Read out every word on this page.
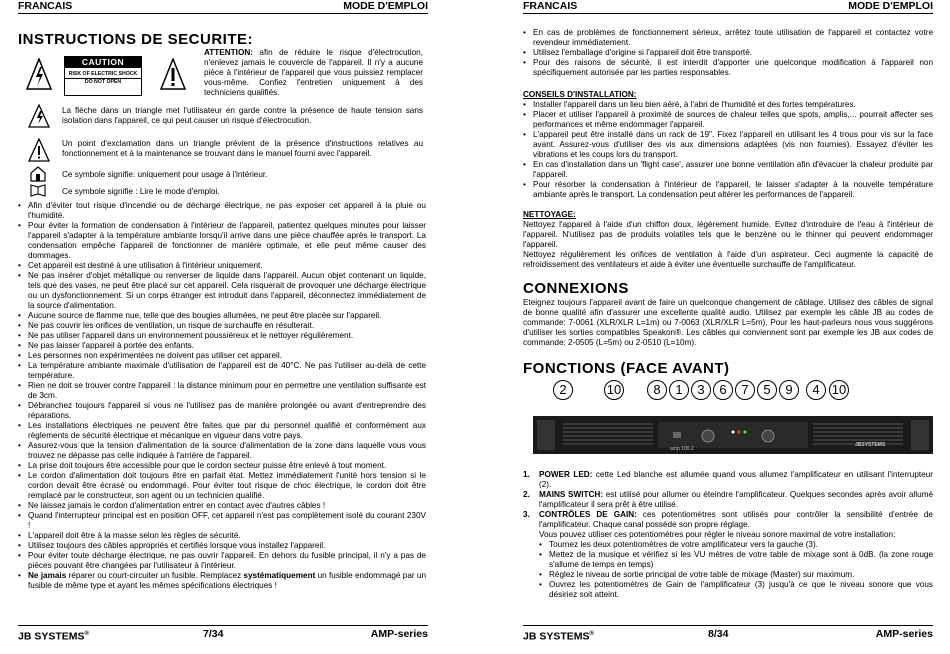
FRANCAIS	MODE D'EMPLOI
INSTRUCTIONS DE SECURITE:
CAUTION
RISK OF ELECTRIC SHOCK
DO NOT OPEN
ATTENTION: afin de réduire le risque d'électrocution, n'enlevez jamais le couvercle de l'appareil. Il n'y a aucune pièce à l'intérieur de l'appareil que vous puissiez remplacer vous-même. Confiez l'entretien uniquement à des techniciens qualifiés.
La flèche dans un triangle met l'utilisateur en garde contre la présence de haute tension sans isolation dans l'appareil, ce qui peut causer un risque d'électrocution.
Un point d'exclamation dans un triangle prévient de la présence d'instructions relatives au fonctionnement et à la maintenance se trouvant dans le manuel fourni avec l'appareil.
Ce symbole signifie: uniquement pour usage à l'intérieur.
Ce symbole signifie : Lire le mode d'emploi.
• Afin d'éviter tout risque d'incendie ou de décharge électrique, ne pas exposer cet appareil à la pluie ou l'humidité.
• Pour éviter la formation de condensation à l'intérieur de l'appareil, patientez quelques minutes pour laisser l'appareil s'adapter à la température ambiante lorsqu'il arrive dans une pièce chauffée après le transport. La condensation empêche l'appareil de fonctionner de manière optimale, et elle peut même causer des dommages.
• Cet appareil est destiné à une utilisation à l'intérieur uniquement.
• Ne pas insérer d'objet métallique ou renverser de liquide dans l'appareil. Aucun objet contenant un liquide, tels que des vases, ne peut être placé sur cet appareil. Cela risquerait de provoquer une décharge électrique ou un dysfonctionnement. Si un corps étranger est introduit dans l'appareil, déconnectez immédiatement de la source d'alimentation.
• Aucune source de flamme nue, telle que des bougies allumées, ne peut être placée sur l'appareil.
• Ne pas couvrir les orifices de ventilation, un risque de surchauffe en résulterait.
• Ne pas utiliser l'appareil dans un environnement poussiéreux et le nettoyer régulièrement.
• Ne pas laisser l'appareil à portée des enfants.
• Les personnes non expérimentées ne doivent pas utiliser cet appareil.
• La température ambiante maximale d'utilisation de l'appareil est de 40°C. Ne pas l'utiliser au-delà de cette température.
• Rien ne doit se trouver contre l'appareil : la distance minimum pour en permettre une ventilation suffisante est de 3cm.
• Débranchez toujours l'appareil si vous ne l'utilisez pas de manière prolongée ou avant d'entreprendre des réparations.
• Les installations électriques ne peuvent être faites que par du personnel qualifié et conformément aux règlements de sécurité électrique et mécanique en vigueur dans votre pays.
• Assurez-vous que la tension d'alimentation de la source d'alimentation de la zone dans laquelle vous vous trouvez ne dépasse pas celle indiquée à l'arrière de l'appareil.
• La prise doit toujours être accessible pour que le cordon secteur puisse être enlevé à tout moment.
• Le cordon d'alimentation doit toujours être en parfait état. Mettez immédiatement l'unité hors tension si le cordon devait être écrasé ou endommagé. Pour éviter tout risque de choc électrique, le cordon doit être remplacé par le constructeur, son agent ou un technicien qualifié.
• Ne laissez jamais le cordon d'alimentation entrer en contact avec d'autres câbles !
• Quand l'interrupteur principal est en position OFF, cet appareil n'est pas complètement isolé du courant 230V !
• L'appareil doit être à la masse selon les règles de sécurité.
• Utilisez toujours des câbles appropriés et certifiés lorsque vous installez l'appareil.
• Pour éviter toute décharge électrique, ne pas ouvrir l'appareil. En dehors du fusible principal, il n'y a pas de pièces pouvant être changées par l'utilisateur à l'intérieur.
• Ne jamais réparer ou court-circuiter un fusible. Remplacez systématiquement un fusible endommagé par un fusible de même type et ayant les mêmes spécifications électriques !
JB SYSTEMS®	7/34	AMP-series
FRANCAIS	MODE D'EMPLOI
• En cas de problèmes de fonctionnement sérieux, arrêtez toute utilisation de l'appareil et contactez votre revendeur immédiatement.
• Utilisez l'emballage d'origine si l'appareil doit être transporté.
• Pour des raisons de sécurité, il est interdit d'apporter une quelconque modification à l'appareil non spécifiquement autorisée par les parties responsables.
CONSEILS D'INSTALLATION:
• Installer l'appareil dans un lieu bien aéré, à l'abri de l'humidité et des fortes températures.
• Placer et utiliser l'appareil à proximité de sources de chaleur telles que spots, amplis,... pourrait affecter ses performances et même endommager l'appareil.
• L'appareil peut être installé dans un rack de 19". Fixez l'appareil en utilisant les 4 trous pour vis sur la face avant. Assurez-vous d'utiliser des vis aux dimensions adaptées (vis non fournies). Essayez d'éviter les vibrations et les coups lors du transport.
• En cas d'installation dans un 'flight case', assurer une bonne ventilation afin d'évacuer la chaleur produite par l'appareil.
• Pour résorber la condensation à l'intérieur de l'appareil, le laisser s'adapter à la nouvelle température ambiante après le transport. La condensation peut altérer les performances de l'appareil.
NETTOYAGE:
Nettoyez l'appareil à l'aide d'un chiffon doux, légèrement humide. Evitez d'introduire de l'eau à l'intérieur de l'appareil. N'utilisez pas de produits volatiles tels que le benzène ou le thinner qui peuvent endommager l'appareil.
Nettoyez régulièrement les orifices de ventilation à l'aide d'un aspirateur. Ceci augmente la capacité de refroidissement des ventilateurs et aide à éviter une éventuelle surchauffe de l'amplificateur.
CONNEXIONS
Eteignez toujours l'appareil avant de faire un quelconque changement de câblage. Utilisez des câbles de signal de bonne qualité afin d'assurer une excellente qualité audio. Utilisez par exemple les câble JB au codes de commande: 7-0061 (XLR/XLR L=1m) ou 7-0063 (XLR/XLR L=5m). Pour les haut-parleurs nous vous suggérons d'utiliser les sorties compatibles Speakon®. Les câbles qui conviennent sont par exemple les JB aux codes de commande: 2-0505 (L=5m) ou 2-0510 (L=10m).
FONCTIONS (FACE AVANT)
amp 100.2
JBSYSTEMS
2	10	8	1	3	6	7	5	9	4 10
1. POWER LED: cette Led blanche est allumée quand vous allumez l'amplificateur en utilisant l'interrupteur (2).
2. MAINS SWITCH: est utilisé pour allumer ou éteindre l'amplificateur. Quelques secondes après avoir allumé l'amplificateur il sera prêt à être utilisé.
3. CONTRÔLES DE GAIN: ces potentiomètres sont utilisés pour contrôler la sensibilité d'entrée de l'amplificateur. Chaque canal possède son propre réglage.
Vous pouvez utiliser ces potentiomètres pour régler le niveau sonore maximal de votre installation:
• Tournez les deux potentiomètres de votre amplificateur vers la gauche (3).
• Mettez de la musique et vérifiez si les VU mètres de votre table de mixage sont à 0dB. (la zone rouge s'allume de temps en temps)
• Réglez le niveau de sortie principal de votre table de mixage (Master) sur maximum.
• Ouvrez les potentiomètres de Gain de l'amplificateur (3) jusqu'à ce que le niveau sonore que vous désiriez soit atteint.
JB SYSTEMS®	8/34	AMP-series
